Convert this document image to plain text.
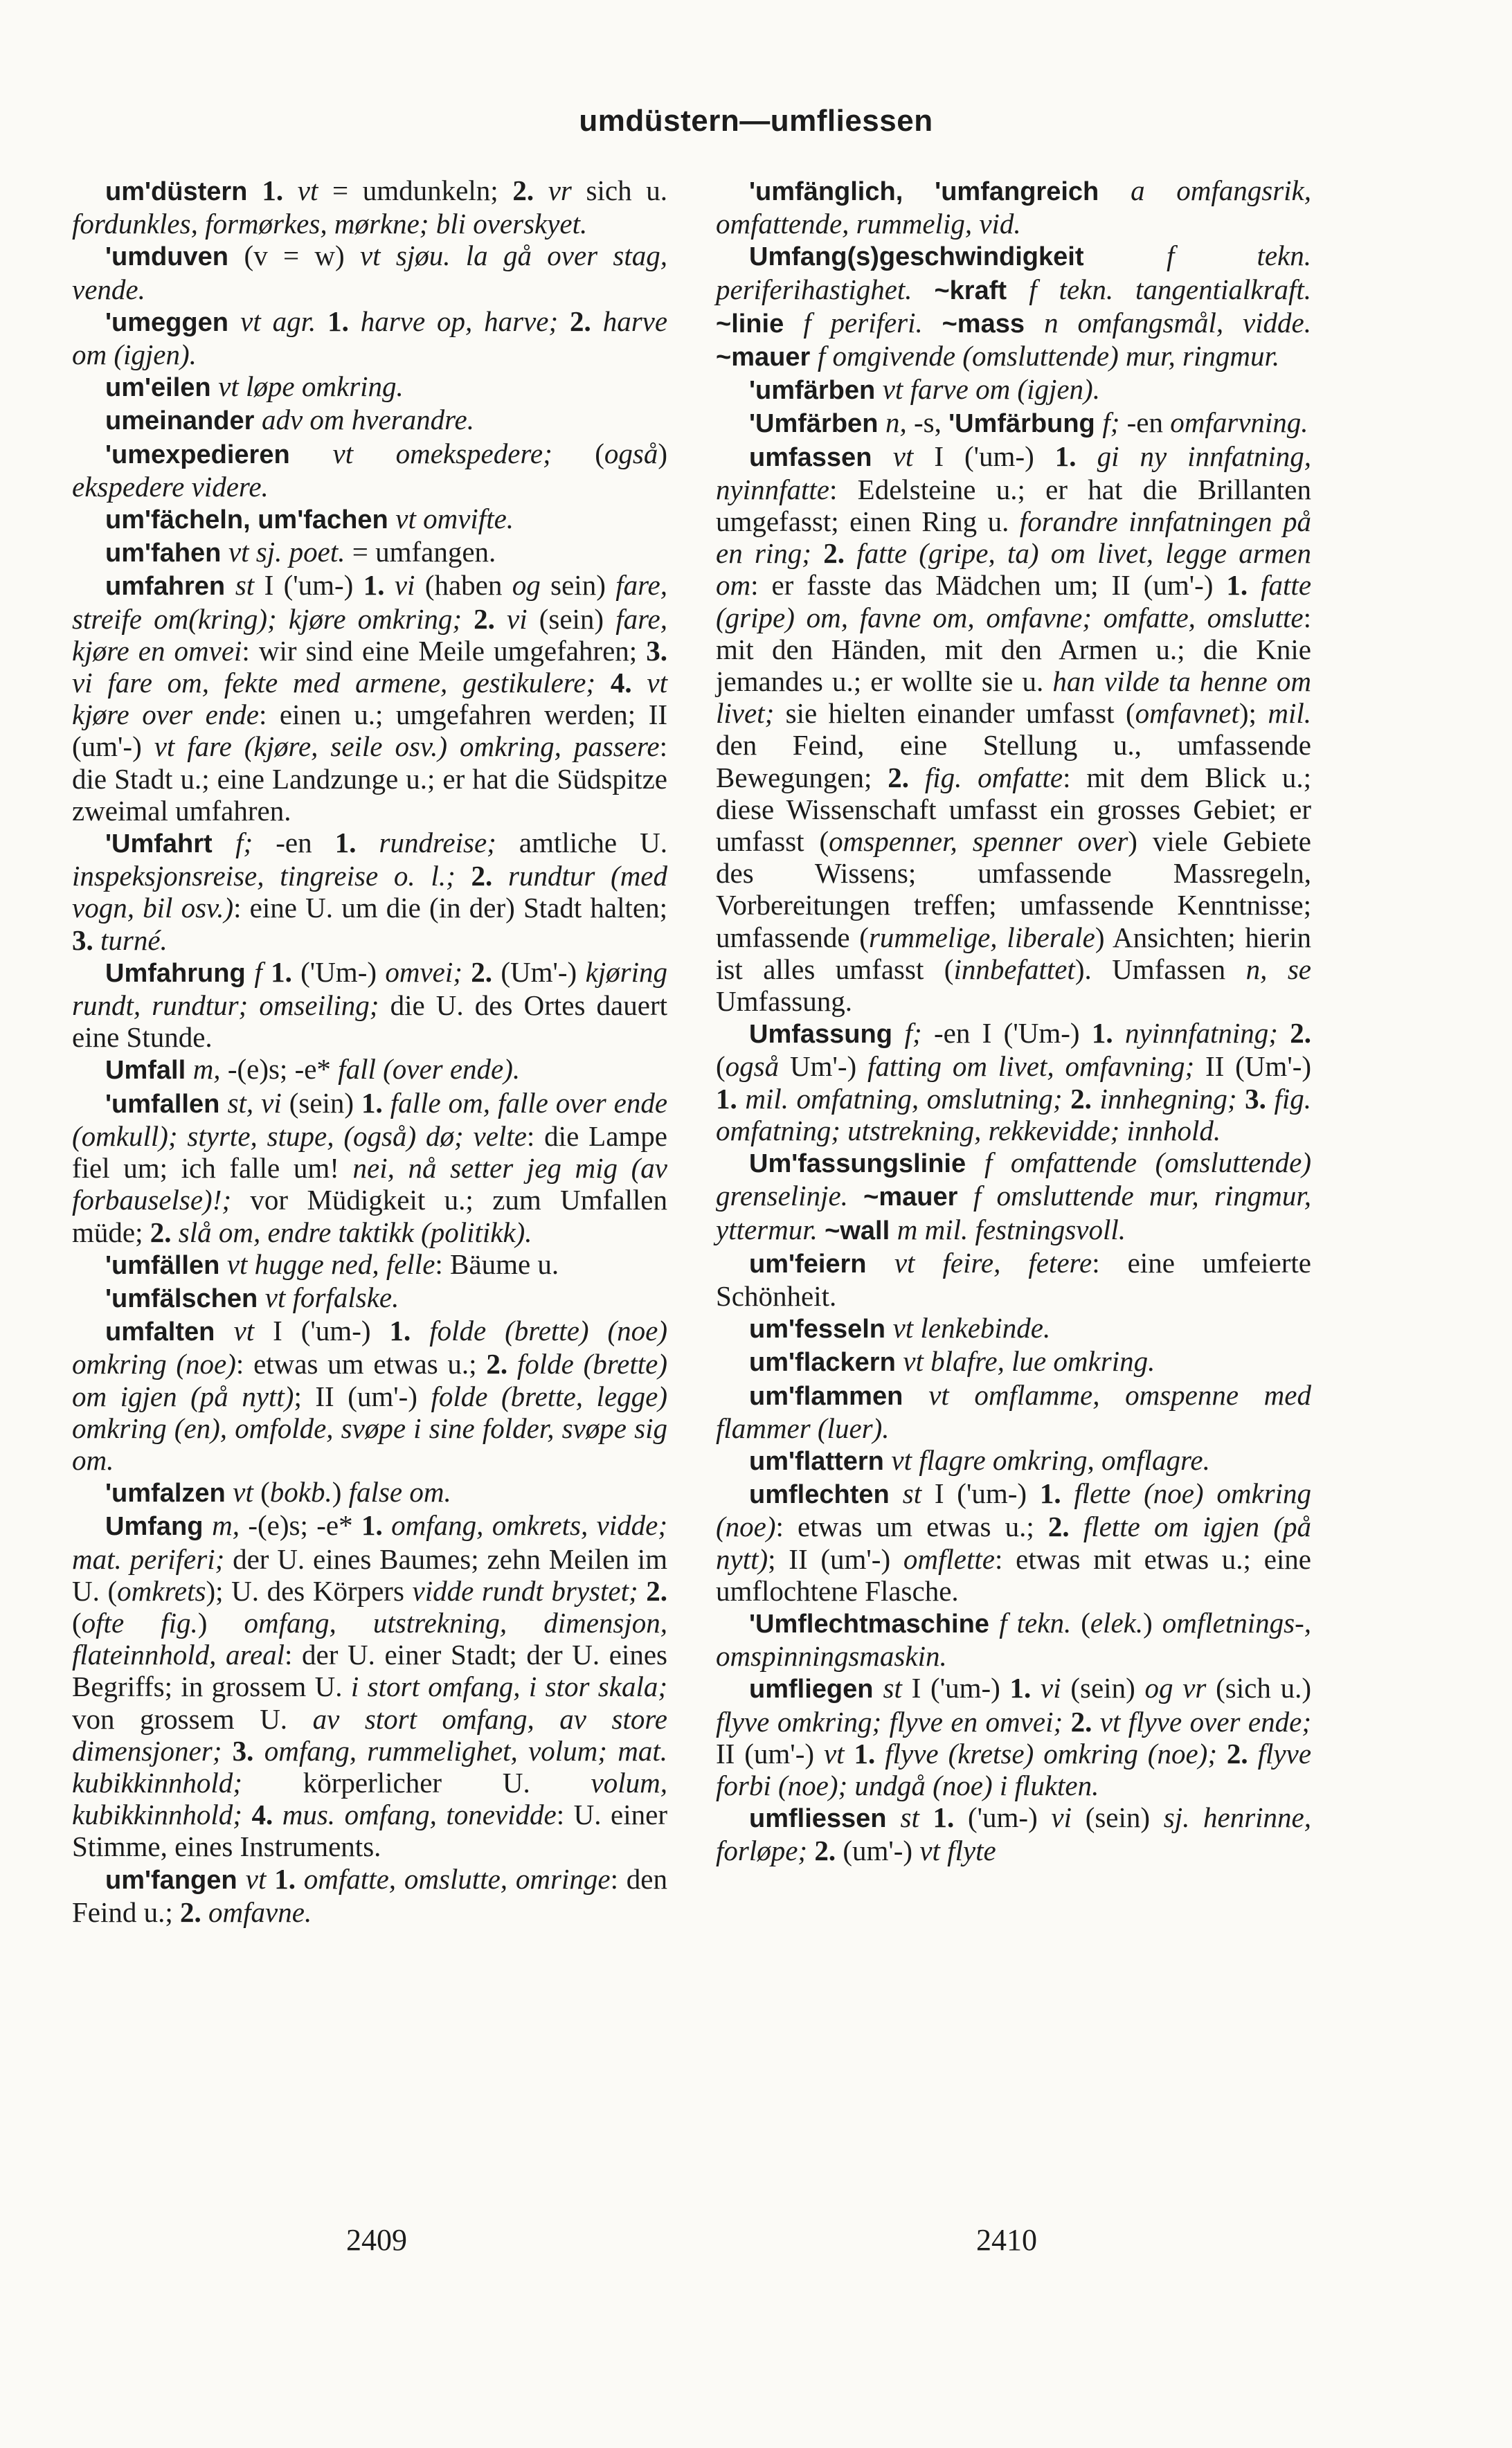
umdüstern—umfliessen

um'düstern 1. vt = umdunkeln; 2. vr sich u. fordunkles, formørkes, mørkne; bli overskyet.

'umduven (v = w) vt sjøu. la gå over stag, vende.

'umeggen vt agr. 1. harve op, harve; 2. harve om (igjen).

um'eilen vt løpe omkring.

umeinander adv om hverandre.

'umexpedieren vt omekspedere; (også) ekspedere videre.

um'fächeln, um'fachen vt omvifte.

um'fahen vt sj. poet. = umfangen.

umfahren st I ('um-) 1. vi (haben og sein) fare, streife om(kring); kjøre omkring; 2. vi (sein) fare, kjøre en omvei: wir sind eine Meile umgefahren; 3. vi fare om, fekte med armene, gestikulere; 4. vt kjøre over ende: einen u.; umgefahren werden; II (um'-) vt fare (kjøre, seile osv.) omkring, passere: die Stadt u.; eine Landzunge u.; er hat die Südspitze zweimal umfahren.

'Umfahrt f; -en 1. rundreise; amtliche U. inspeksjonsreise, tingreise o. l.; 2. rundtur (med vogn, bil osv.): eine U. um die (in der) Stadt halten; 3. turné.

Umfahrung f 1. ('Um-) omvei; 2. (Um'-) kjøring rundt, rundtur; omseiling; die U. des Ortes dauert eine Stunde.

Umfall m, -(e)s; -e* fall (over ende).

'umfallen st, vi (sein) 1. falle om, falle over ende (omkull); styrte, stupe, (også) dø; velte: die Lampe fiel um; ich falle um! nei, nå setter jeg mig (av forbauselse)!; vor Müdigkeit u.; zum Umfallen müde; 2. slå om, endre taktikk (politikk).

'umfällen vt hugge ned, felle: Bäume u.

'umfälschen vt forfalske.

umfalten vt I ('um-) 1. folde (brette) (noe) omkring (noe): etwas um etwas u.; 2. folde (brette) om igjen (på nytt); II (um'-) folde (brette, legge) omkring (en), omfolde, svøpe i sine folder, svøpe sig om.

'umfalzen vt (bokb.) false om.

Umfang m, -(e)s; -e* 1. omfang, omkrets, vidde; mat. periferi; der U. eines Baumes; zehn Meilen im U. (omkrets); U. des Körpers vidde rundt brystet; 2. (ofte fig.) omfang, utstrekning, dimensjon, flateinnhold, areal: der U. einer Stadt; der U. eines Begriffs; in grossem U. i stort omfang, i stor skala; von grossem U. av stort omfang, av store dimensjoner; 3. omfang, rummelighet, volum; mat. kubikkinnhold; körperlicher U. volum, kubikkinnhold; 4. mus. omfang, tonevidde: U. einer Stimme, eines Instruments.

um'fangen vt 1. omfatte, omslutte, omringe: den Feind u.; 2. omfavne.

'umfänglich, 'umfangreich a omfangsrik, omfattende, rummelig, vid.

Umfang(s)geschwindigkeit f tekn. periferihastighet. ~kraft f tekn. tangentialkraft. ~linie f periferi. ~mass n omfangsmål, vidde. ~mauer f omgivende (omsluttende) mur, ringmur.

'umfärben vt farve om (igjen).

'Umfärben n, -s, 'Umfärbung f; -en omfarvning.

umfassen vt I ('um-) 1. gi ny innfatning, nyinnfatte: Edelsteine u.; er hat die Brillanten umgefasst; einen Ring u. forandre innfatningen på en ring; 2. fatte (gripe, ta) om livet, legge armen om: er fasste das Mädchen um; II (um'-) 1. fatte (gripe) om, favne om, omfavne; omfatte, omslutte: mit den Händen, mit den Armen u.; die Knie jemandes u.; er wollte sie u. han vilde ta henne om livet; sie hielten einander umfasst (omfavnet); mil. den Feind, eine Stellung u., umfassende Bewegungen; 2. fig. omfatte: mit dem Blick u.; diese Wissenschaft umfasst ein grosses Gebiet; er umfasst (omspenner, spenner over) viele Gebiete des Wissens; umfassende Massregeln, Vorbereitungen treffen; umfassende Kenntnisse; umfassende (rummelige, liberale) Ansichten; hierin ist alles umfasst (innbefattet). Umfassen n, se Umfassung.

Umfassung f; -en I ('Um-) 1. nyinnfatning; 2. (også Um'-) fatting om livet, omfavning; II (Um'-) 1. mil. omfatning, omslutning; 2. innhegning; 3. fig. omfatning; utstrekning, rekkevidde; innhold.

Um'fassungslinie f omfattende (omsluttende) grenselinje. ~mauer f omsluttende mur, ringmur, yttermur. ~wall m mil. festningsvoll.

um'feiern vt feire, fetere: eine umfeierte Schönheit.

um'fesseln vt lenkebinde.

um'flackern vt blafre, lue omkring.

um'flammen vt omflamme, omspenne med flammer (luer).

um'flattern vt flagre omkring, omflagre.

umflechten st I ('um-) 1. flette (noe) omkring (noe): etwas um etwas u.; 2. flette om igjen (på nytt); II (um'-) omflette: etwas mit etwas u.; eine umflochtene Flasche.

'Umflechtmaschine f tekn. (elek.) omfletnings-, omspinningsmaskin.

umfliegen st I ('um-) 1. vi (sein) og vr (sich u.) flyve omkring; flyve en omvei; 2. vt flyve over ende; II (um'-) vt 1. flyve (kretse) omkring (noe); 2. flyve forbi (noe); undgå (noe) i flukten.

umfliessen st 1. ('um-) vi (sein) sj. henrinne, forløpe; 2. (um'-) vt flyte

2409	2410
